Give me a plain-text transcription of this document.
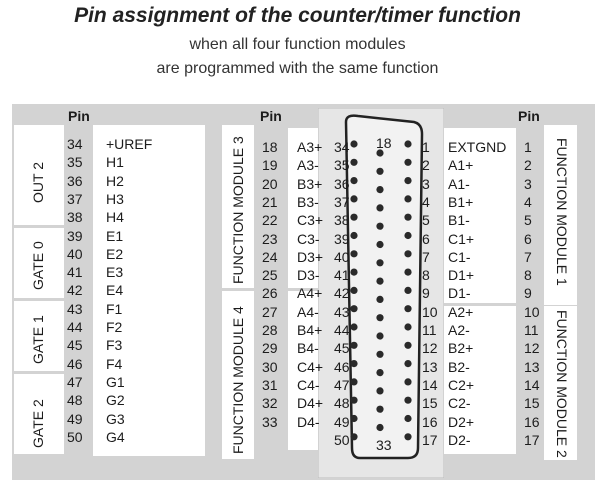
Pin assignment of the counter/timer function
when all four function modules
are programmed with the same function
Pin	Pin	Pin
18
33
34 +UREF
35 H1
36 H2
37 H3
38 H4
39 E1
40 E2
41 E3
42 E4
43 F1
44 F2
45 F3
46 F4
47 G1
48 G2
49 G3
50 G4
18 A3+ 34
19 A3- 35
20 B3+ 36
21 B3- 37
22 C3+ 38
23 C3- 39
24 D3+ 40
25 D3- 41
26 A4+ 42
27 A4- 43
28 B4+ 44
29 B4- 45
30 C4+ 46
31 C4- 47
32 D4+ 48
33 D4- 49
50
1 EXTGND 1
2 A1+	2
3 A1-	3
4 B1+	4
5 B1-	5
6 C1+	6
7 C1-	7
8 D1+	8
9 D1-	9
10 A2+	10
11 A2-	11
12 B2+	12
13 B2-	13
14 C2+	14
15 C2-	15
16 D2+	16
17 D2-	17
OUT 2
GATE 0
GATE 1
GATE 2
FUNCTION MODULE 3
FUNCTION MODULE 4
FUNCTION MODULE 1
FUNCTION MODULE 2
